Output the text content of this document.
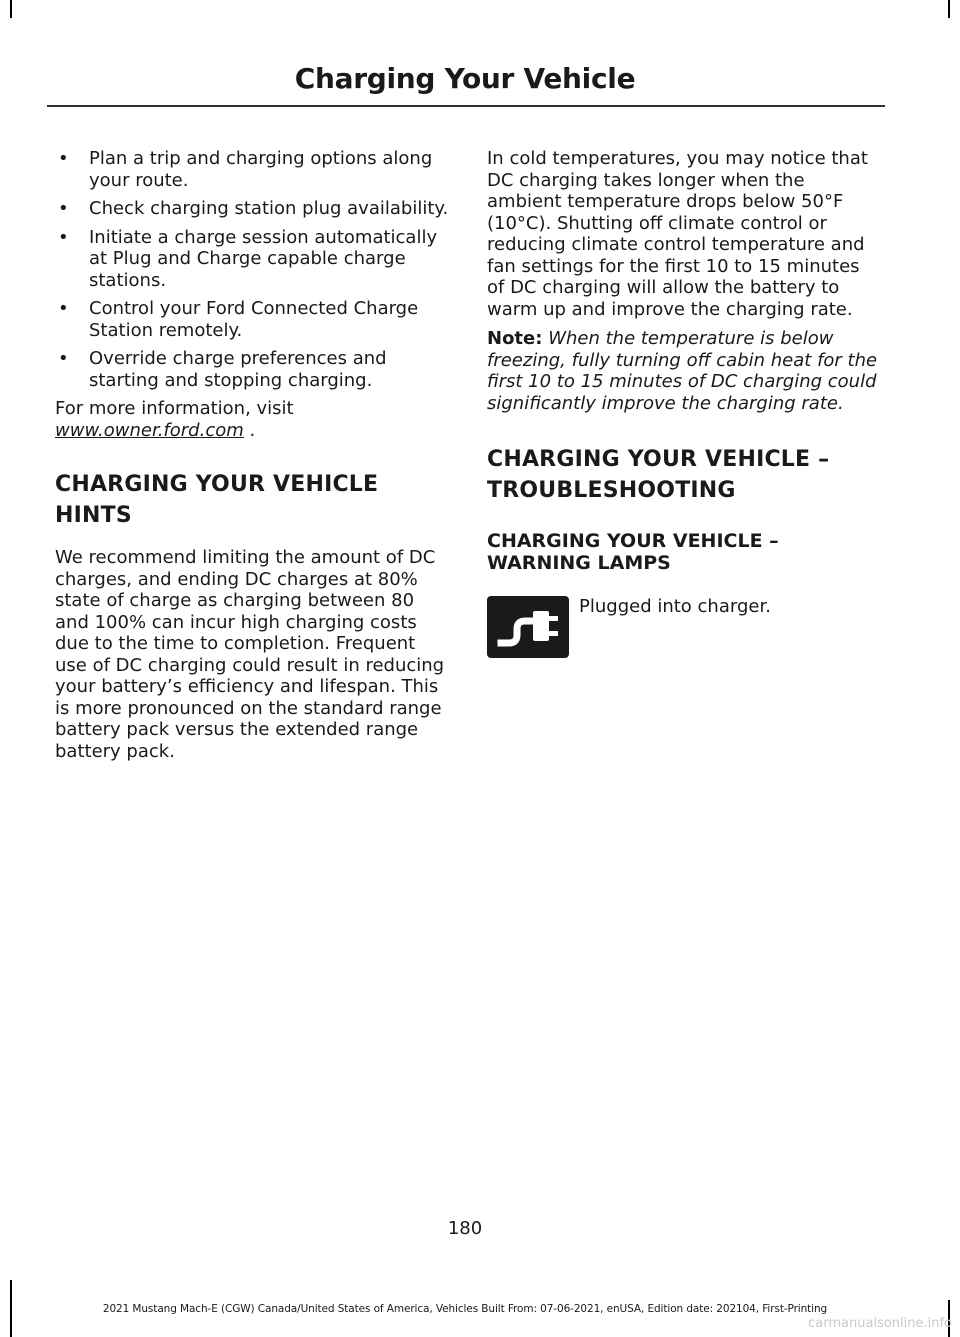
Charging Your Vehicle
• Plan a trip and charging options along your route.
• Check charging station plug availability.
• Initiate a charge session automatically at Plug and Charge capable charge stations.
• Control your Ford Connected Charge Station remotely.
• Override charge preferences and starting and stopping charging.

For more information, visit
www.owner.ford.com .

CHARGING YOUR VEHICLE
HINTS

We recommend limiting the amount of DC charges, and ending DC charges at 80% state of charge as charging between 80 and 100% can incur high charging costs due to the time to completion. Frequent use of DC charging could result in reducing your battery’s efficiency and lifespan. This is more pronounced on the standard range battery pack versus the extended range battery pack.

In cold temperatures, you may notice that DC charging takes longer when the ambient temperature drops below 50°F (10°C). Shutting off climate control or reducing climate control temperature and fan settings for the first 10 to 15 minutes of DC charging will allow the battery to warm up and improve the charging rate.

Note: When the temperature is below freezing, fully turning off cabin heat for the first 10 to 15 minutes of DC charging could significantly improve the charging rate.

CHARGING YOUR VEHICLE –
TROUBLESHOOTING
CHARGING YOUR VEHICLE – WARNING LAMPS
Plugged into charger.
180
2021 Mustang Mach-E (CGW) Canada/United States of America, Vehicles Built From: 07-06-2021, enUSA, Edition date: 202104, First-Printing
carmanualsonline.info
